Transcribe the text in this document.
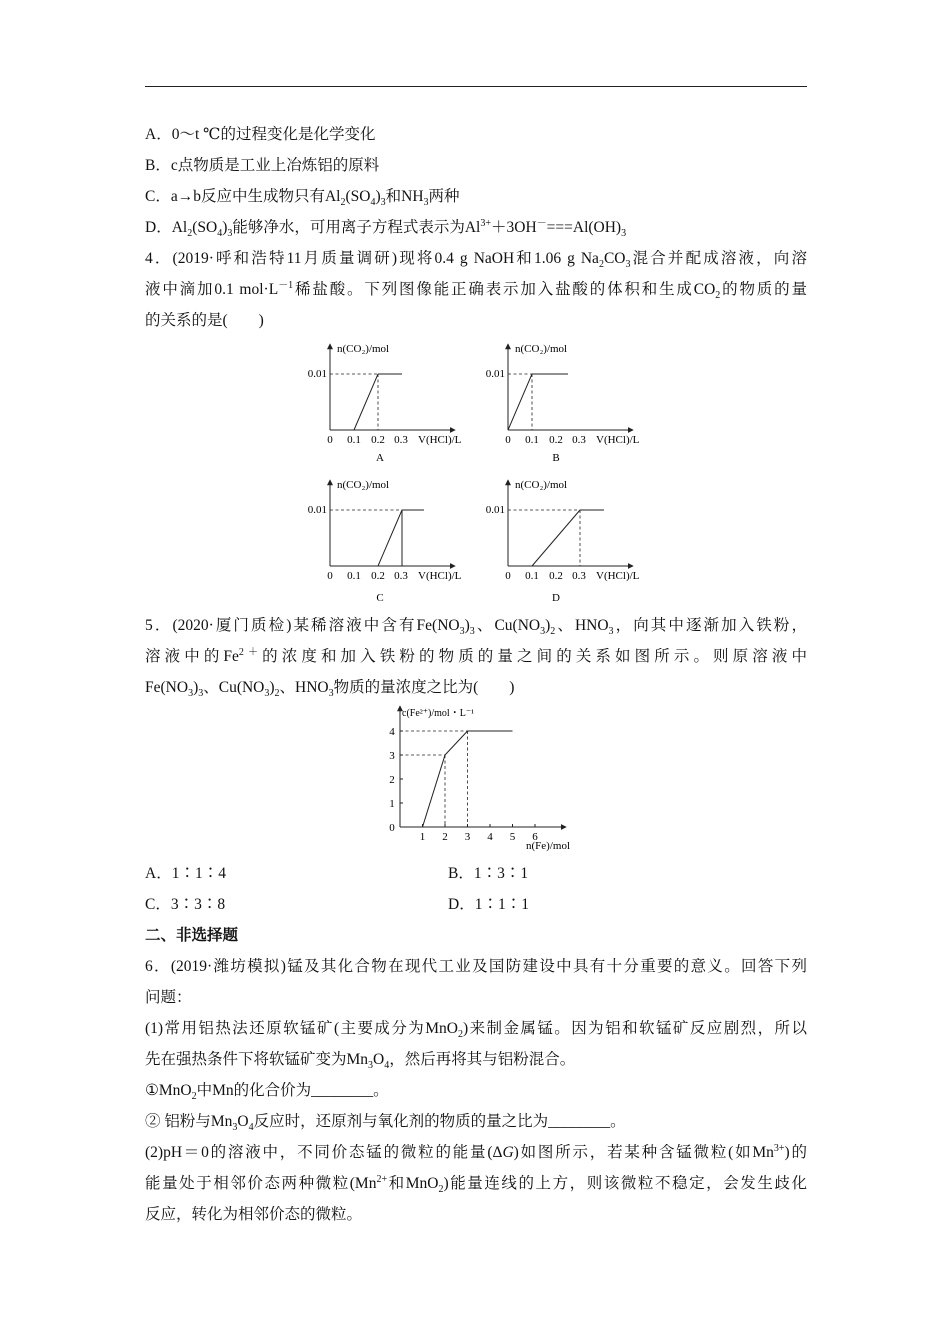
A．0～t ℃的过程变化是化学变化
B．c点物质是工业上冶炼铝的原料
C．a→b反应中生成物只有$Al_2(SO_4)_3$和$NH_3$两种
D．$Al_2(SO_4)_3$能够净水，可用离子方程式表示为$Al^{3+}+3OH^-===Al(OH)_3$
4．(2019·呼和浩特11月质量调研)现将0.4 g NaOH和1.06 g $Na_2CO_3$混合并配成溶液，向溶
液中滴加0.1 $mol\cdot L^{-1}$稀盐酸。下列图像能正确表示加入盐酸的体积和生成$CO_2$的物质的量
的关系的是(　　)
n(CO₂)/mol
0.01
0 0.1 0.2 0.3 V(HCl)/L
A
n(CO₂)/mol
0.01
0 0.1 0.2 0.3 V(HCl)/L
B
n(CO₂)/mol
0.01
0 0.1 0.2 0.3 V(HCl)/L
C
n(CO₂)/mol
0.01
0 0.1 0.2 0.3 V(HCl)/L
D
5．(2020·厦门质检)某稀溶液中含有$Fe(NO_3)_3$、$Cu(NO_3)_2$、$HNO_3$，向其中逐渐加入铁粉，
溶液中的$Fe^{2+}$的浓度和加入铁粉的物质的量之间的关系如图所示。则原溶液中
$Fe(NO_3)_3$、$Cu(NO_3)_2$、$HNO_3$物质的量浓度之比为(　　)
c(Fe²⁺)/mol・L⁻¹
0
1 2 3 4 5 6
1
2
3
4
n(Fe)/mol
A．1∶1∶4	B．1∶3∶1
C．3∶3∶8	D．1∶1∶1
二、非选择题
6．(2019·潍坊模拟)锰及其化合物在现代工业及国防建设中具有十分重要的意义。回答下列
问题：
(1)常用铝热法还原软锰矿(主要成分为MnO$_2$)来制金属锰。因为铝和软锰矿反应剧烈，所以
先在强热条件下将软锰矿变为$Mn_3O_4$，然后再将其与铝粉混合。
①MnO$_2$中Mn的化合价为________。
② 铝粉与$Mn_3O_4$反应时，还原剂与氧化剂的物质的量之比为________。
(2)pH＝0的溶液中，不同价态锰的微粒的能量(ΔG)如图所示，若某种含锰微粒(如$Mn^{3+}$)的
能量处于相邻价态两种微粒($Mn^{2+}$和MnO$_2$)能量连线的上方，则该微粒不稳定，会发生歧化
反应，转化为相邻价态的微粒。
